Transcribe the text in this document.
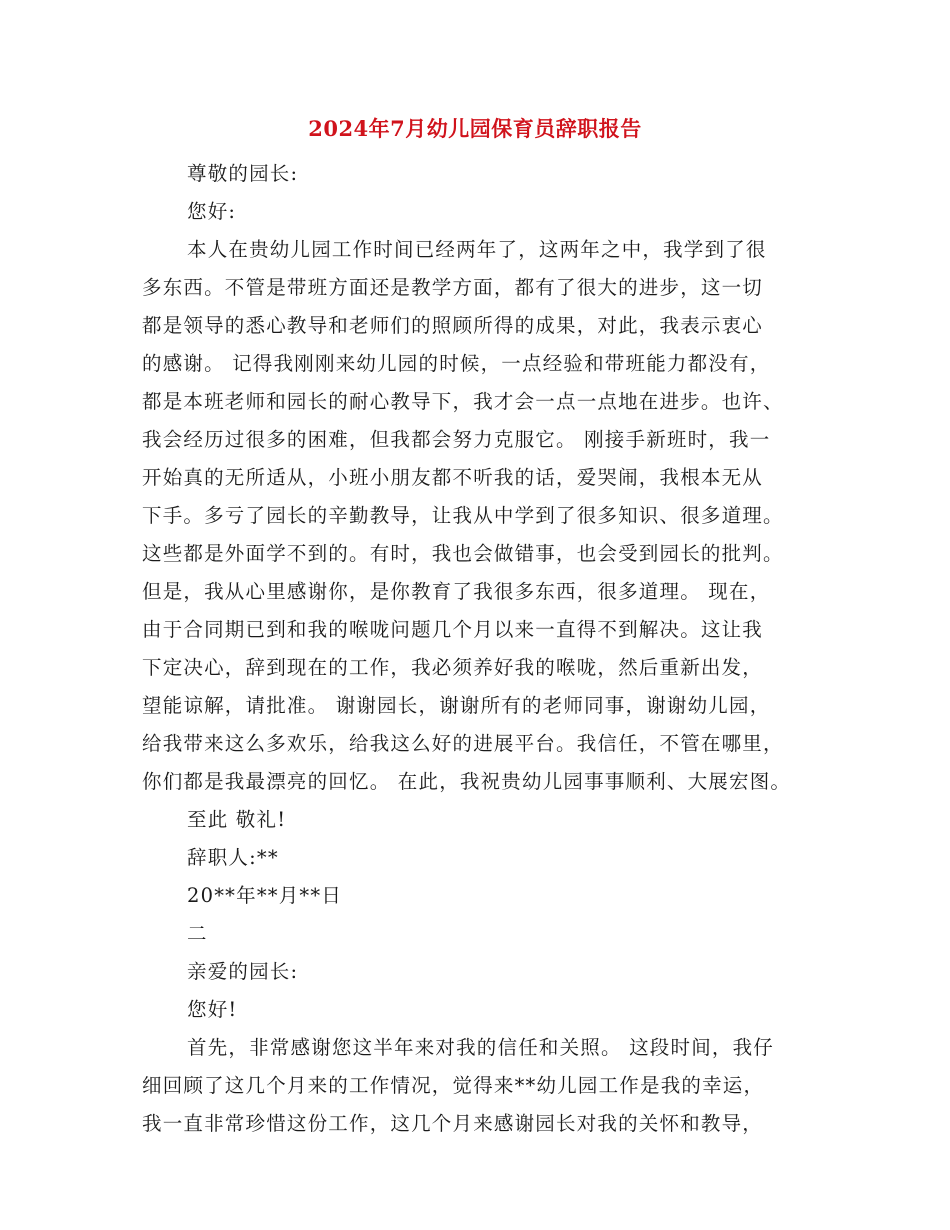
2024年7月幼儿园保育员辞职报告
尊敬的园长:
您好:
本人在贵幼儿园工作时间已经两年了，这两年之中，我学到了很
多东西。不管是带班方面还是教学方面，都有了很大的进步，这一切
都是领导的悉心教导和老师们的照顾所得的成果，对此，我表示衷心
的感谢。 记得我刚刚来幼儿园的时候，一点经验和带班能力都没有，
都是本班老师和园长的耐心教导下，我才会一点一点地在进步。也许、
我会经历过很多的困难，但我都会努力克服它。 刚接手新班时，我一
开始真的无所适从，小班小朋友都不听我的话，爱哭闹，我根本无从
下手。多亏了园长的辛勤教导，让我从中学到了很多知识、很多道理。
这些都是外面学不到的。有时，我也会做错事，也会受到园长的批判。
但是，我从心里感谢你，是你教育了我很多东西，很多道理。 现在，
由于合同期已到和我的喉咙问题几个月以来一直得不到解决。这让我
下定决心，辞到现在的工作，我必须养好我的喉咙，然后重新出发，
望能谅解，请批准。 谢谢园长，谢谢所有的老师同事，谢谢幼儿园，
给我带来这么多欢乐，给我这么好的进展平台。我信任，不管在哪里，
你们都是我最漂亮的回忆。 在此，我祝贵幼儿园事事顺利、大展宏图。
至此 敬礼!
辞职人:**
20**年**月**日
二
亲爱的园长:
您好!
首先，非常感谢您这半年来对我的信任和关照。 这段时间，我仔
细回顾了这几个月来的工作情况，觉得来**幼儿园工作是我的幸运，
我一直非常珍惜这份工作，这几个月来感谢园长对我的关怀和教导，
